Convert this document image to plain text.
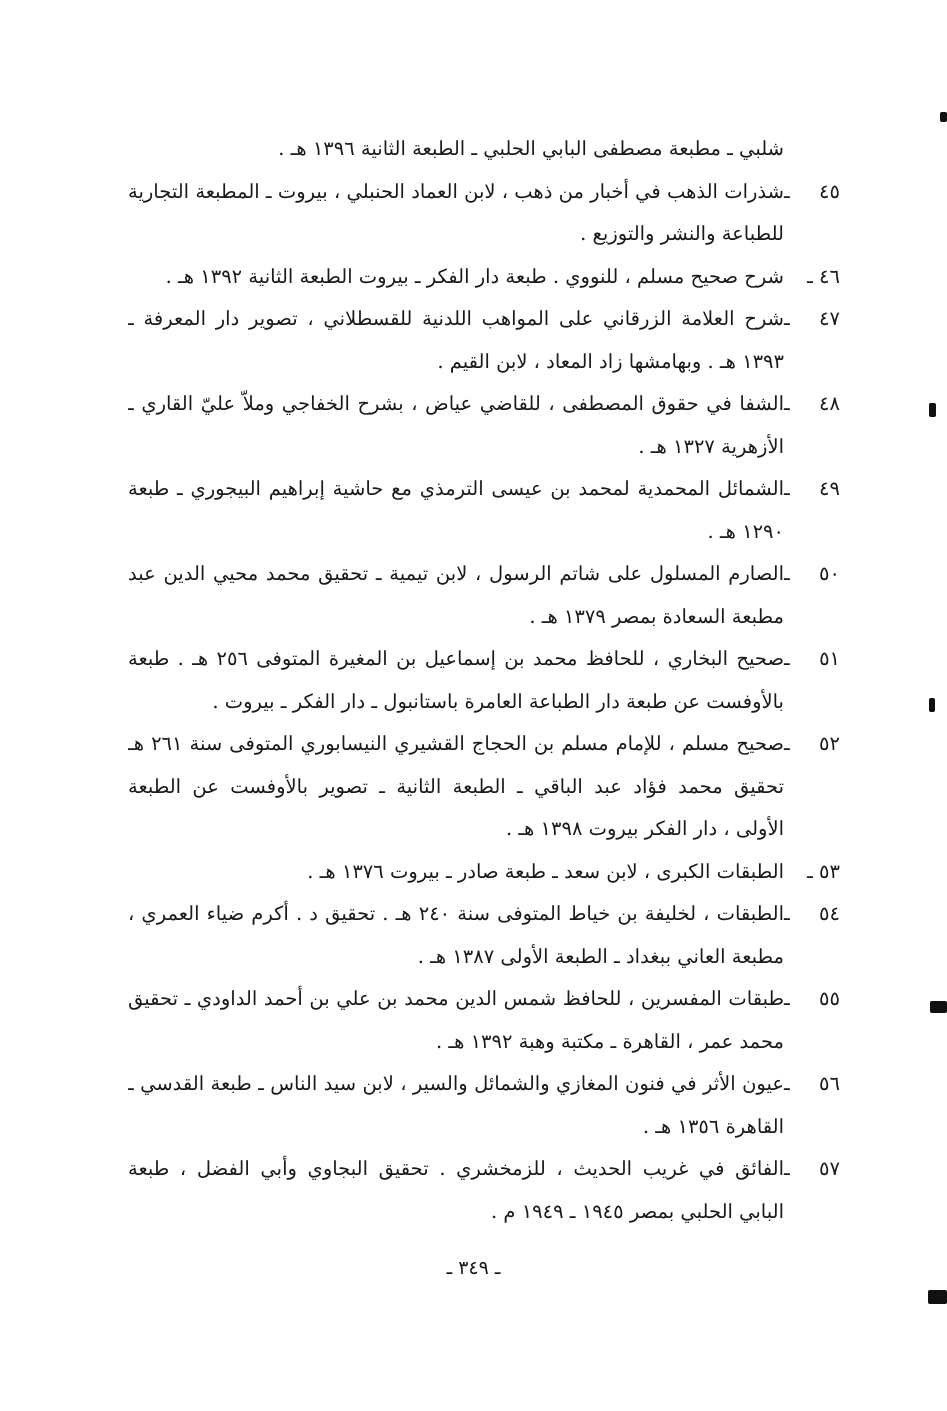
شلبي ـ مطبعة مصطفى البابي الحلبي ـ الطبعة الثانية ١٣٩٦ هـ .
٤٥ ـشذرات الذهب في أخبار من ذهب ، لابن العماد الحنبلي ، بيروت ـ المطبعة التجارية
للطباعة والنشر والتوزيع .
٤٦ ـشرح صحيح مسلم ، للنووي . طبعة دار الفكر ـ بيروت الطبعة الثانية ١٣٩٢ هـ .
٤٧ ـشرح العلامة الزرقاني على المواهب اللدنية للقسطلاني ، تصوير دار المعرفة ـ
١٣٩٣ هـ . وبهامشها زاد المعاد ، لابن القيم .
٤٨ ـالشفا في حقوق المصطفى ، للقاضي عياض ، بشرح الخفاجي وملاّ عليّ القاري ـ
الأزهرية ١٣٢٧ هـ .
٤٩ ـالشمائل المحمدية لمحمد بن عيسى الترمذي مع حاشية إبراهيم البيجوري ـ طبعة
١٢٩٠ هـ .
٥٠ ـالصارم المسلول على شاتم الرسول ، لابن تيمية ـ تحقيق محمد محيي الدين عبد
مطبعة السعادة بمصر ١٣٧٩ هـ .
٥١ ـصحيح البخاري ، للحافظ محمد بن إسماعيل بن المغيرة المتوفى ٢٥٦ هـ . طبعة
بالأوفست عن طبعة دار الطباعة العامرة باستانبول ـ دار الفكر ـ بيروت .
٥٢ ـصحيح مسلم ، للإمام مسلم بن الحجاج القشيري النيسابوري المتوفى سنة ٢٦١ هـ
تحقيق محمد فؤاد عبد الباقي ـ الطبعة الثانية ـ تصوير بالأوفست عن الطبعة
الأولى ، دار الفكر بيروت ١٣٩٨ هـ .
٥٣ ـالطبقات الكبرى ، لابن سعد ـ طبعة صادر ـ بيروت ١٣٧٦ هـ .
٥٤ ـالطبقات ، لخليفة بن خياط المتوفى سنة ٢٤٠ هـ . تحقيق د . أكرم ضياء العمري ،
مطبعة العاني ببغداد ـ الطبعة الأولى ١٣٨٧ هـ .
٥٥ ـطبقات المفسرين ، للحافظ شمس الدين محمد بن علي بن أحمد الداودي ـ تحقيق
محمد عمر ، القاهرة ـ مكتبة وهبة ١٣٩٢ هـ .
٥٦ ـعيون الأثر في فنون المغازي والشمائل والسير ، لابن سيد الناس ـ طبعة القدسي ـ
القاهرة ١٣٥٦ هـ .
٥٧ ـالفائق في غريب الحديث ، للزمخشري . تحقيق البجاوي وأبي الفضل ، طبعة
البابي الحلبي بمصر ١٩٤٥ ـ ١٩٤٩ م .
ـ ٣٤٩ ـ
